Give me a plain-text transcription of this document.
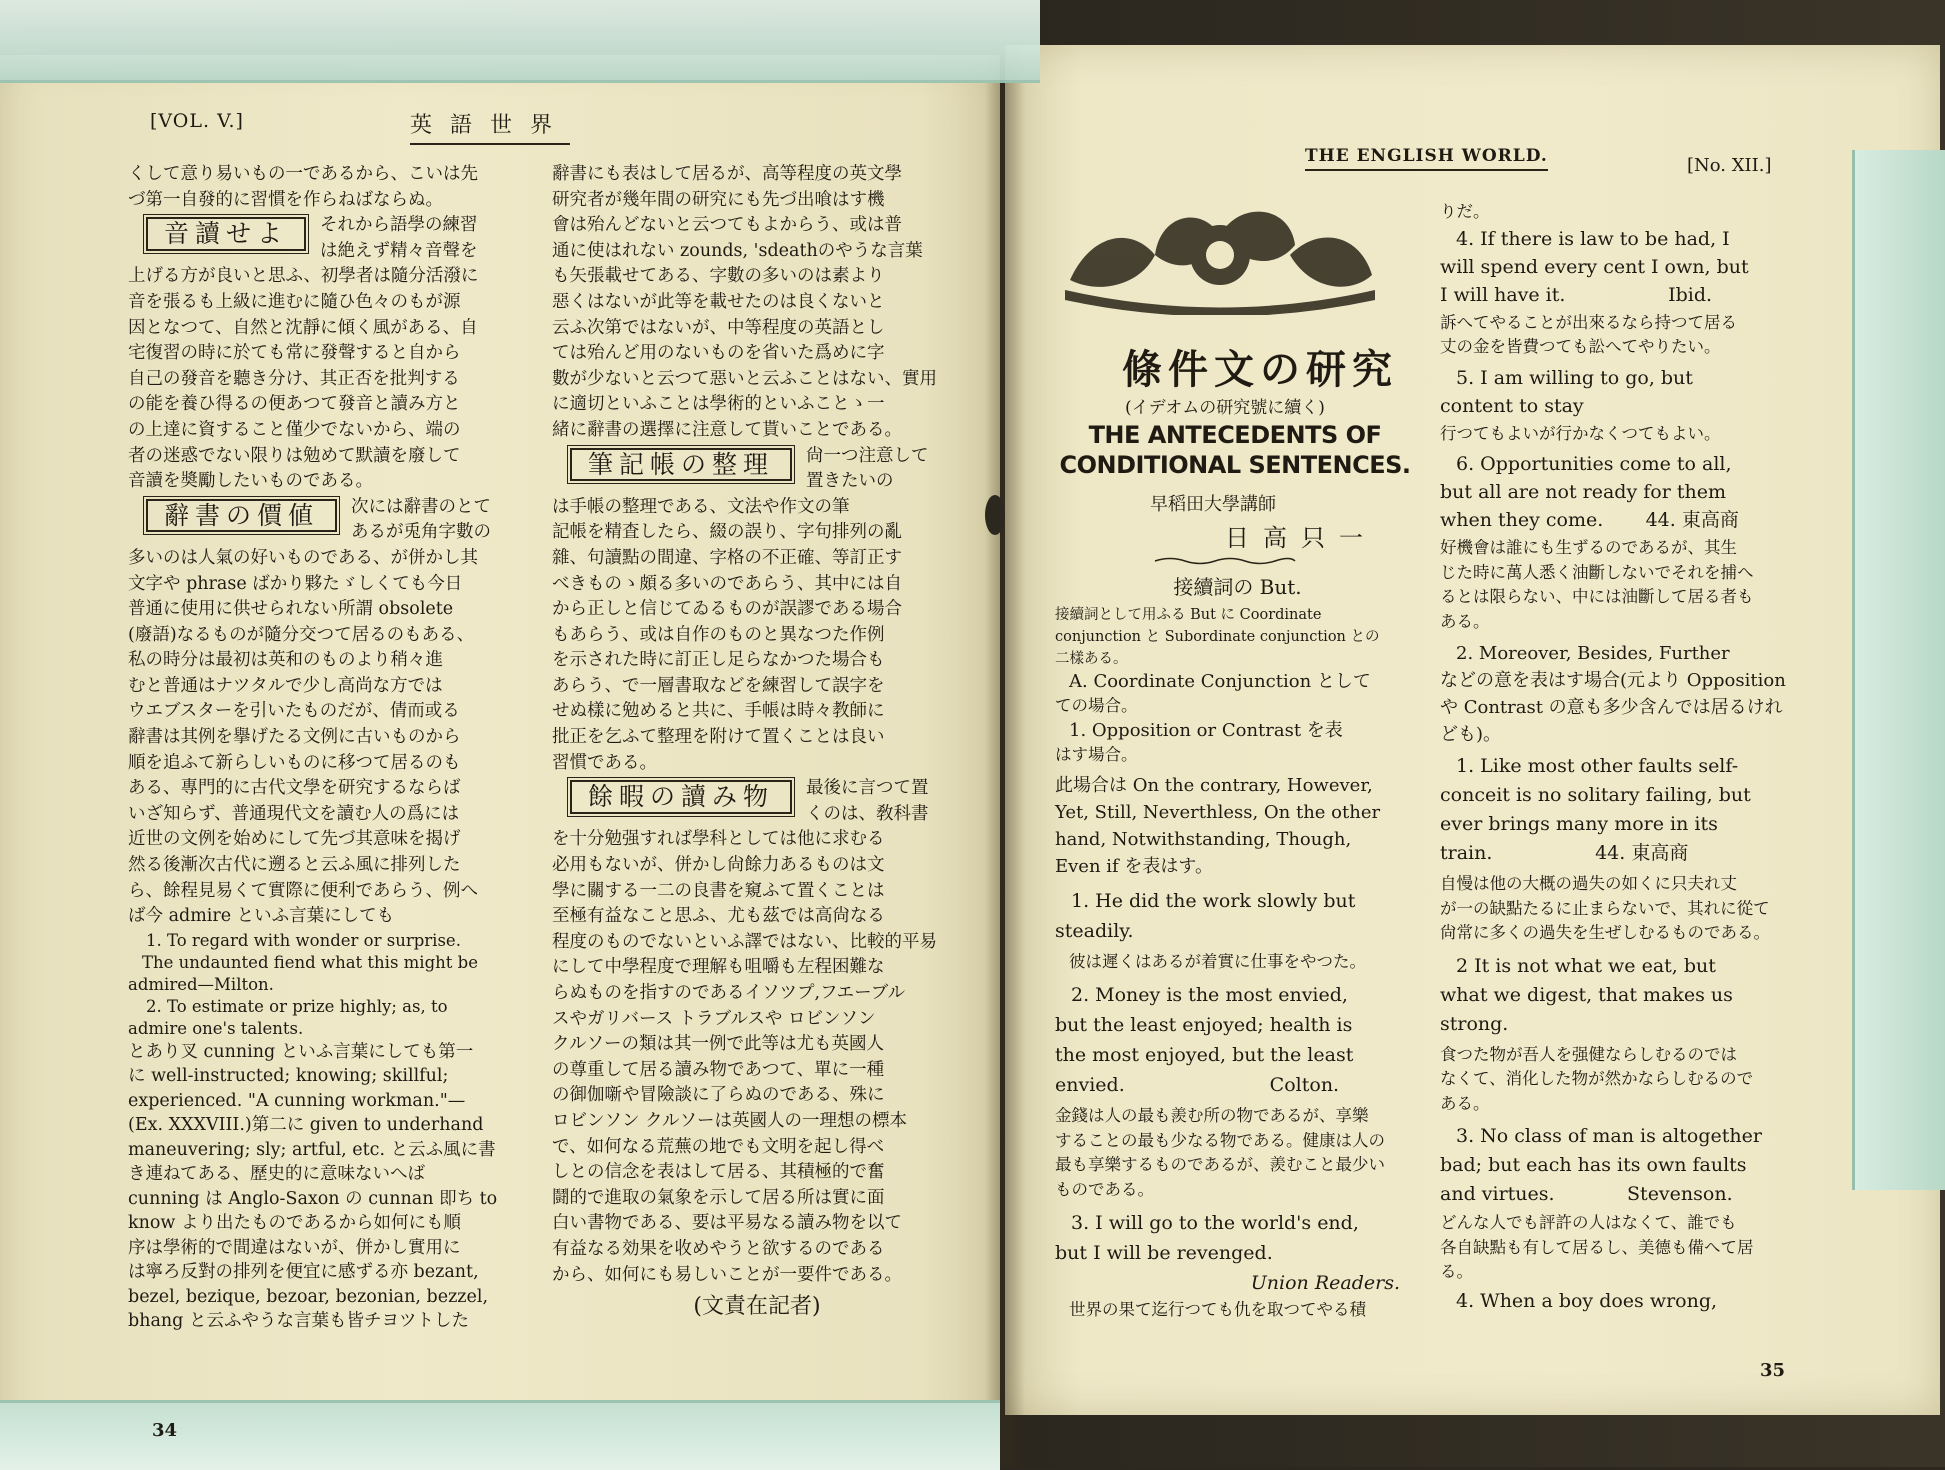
[VOL. V.]	英語世界

くして意り易いもの一であるから、こいは先

づ第一自發的に習慣を作らねばならぬ。

音讀せよ	それから語學の練習

は絶えず精々音聲を

上げる方が良いと思ふ、初學者は隨分活潑に

音を張るも上級に進むに隨ひ色々のもが源

因となつて、自然と沈靜に傾く風がある、自

宅復習の時に於ても常に發聲すると自から

自己の發音を聽き分け、其正否を批判する

の能を養ひ得るの便あつて發音と讀み方と

の上達に資すること僅少でないから、端の

者の迷惑でない限りは勉めて默讀を廢して

音讀を奬勵したいものである。

辭書の價値	次には辭書のとて

あるが兎角字數の

多いのは人氣の好いものである、が併かし其

文字や phrase ばかり夥たゞしくても今日

普通に使用に供せられない所謂 obsolete

(廢語)なるものが隨分交つて居るのもある、

私の時分は最初は英和のものより稍々進

むと普通はナツタルで少し高尚な方では

ウエブスターを引いたものだが、倩而或る

辭書は其例を擧げたる文例に古いものから

順を追ふて新らしいものに移つて居るのも

ある、專門的に古代文學を研究するならば

いざ知らず、普通現代文を讀む人の爲には

近世の文例を始めにして先づ其意味を揭げ

然る後漸次古代に遡ると云ふ風に排列した

ら、餘程見易くて實際に便利であらう、例へ

ば今 admire といふ言葉にしても

1. To regard with wonder or surprise.

The undaunted fiend what this might be

admired—Milton.

2. To estimate or prize highly; as, to

admire one's talents.

とあり叉 cunning といふ言葉にしても第一

に well-instructed; knowing; skillful;

experienced. "A cunning workman."—

(Ex. XXXVIII.)第二に given to underhand

maneuvering; sly; artful, etc. と云ふ風に書

き連ねてある、歷史的に意味ないへば

cunning は Anglo-Saxon の cunnan 即ち to

know より出たものであるから如何にも順

序は學術的で間違はないが、併かし實用に

は寧ろ反對の排列を便宜に感ずる亦 bezant,

bezel, bezique, bezoar, bezonian, bezzel,

bhang と云ふやうな言葉も皆チヨツトした

辭書にも表はして居るが、高等程度の英文學

研究者が幾年間の研究にも先づ出喰はす機

會は殆んどないと云つてもよからう、或は普

通に使はれない zounds, 'sdeathのやうな言葉

も矢張載せてある、字數の多いのは素より

惡くはないが此等を載せたのは良くないと

云ふ次第ではないが、中等程度の英語とし

ては殆んど用のないものを省いた爲めに字

數が少ないと云つて惡いと云ふことはない、實用

に適切といふことは學術的といふことゝ一

緒に辭書の選擇に注意して貰いことである。

筆記帳の整理	尙一つ注意して

置きたいの

は手帳の整理である、文法や作文の筆

記帳を精査したら、綴の誤り、字句排列の亂

雜、句讀點の間違、字格の不正確、等訂正す

べきものゝ頗る多いのであらう、其中には自

から正しと信じてゐるものが誤謬である場合

もあらう、或は自作のものと異なつた作例

を示された時に訂正し足らなかつた場合も

あらう、で一層書取などを練習して誤字を

せぬ樣に勉めると共に、手帳は時々教師に

批正を乞ふて整理を附けて置くことは良い

習慣である。

餘暇の讀み物	最後に言つて置

くのは、敎科書

を十分勉强すれば學科としては他に求むる

必用もないが、併かし尙餘力あるものは文

學に關する一二の良書を窺ふて置くことは

至極有益なこと思ふ、尤も茲では高尙なる

程度のものでないといふ譯ではない、比較的平易

にして中學程度で理解も咀嚼も左程困難な

らぬものを指すのであるイソツプ,フエーブル

スやガリバース トラブルスや ロビンソン

クルソーの類は其一例で此等は尤も英國人

の尊重して居る讀み物であつて、單に一種

の御伽噺や冒險談に了らぬのである、殊に

ロビンソン クルソーは英國人の一理想の標本

で、如何なる荒蕪の地でも文明を起し得べ

しとの信念を表はして居る、其積極的で奮

鬪的で進取の氣象を示して居る所は實に面

白い書物である、要は平易なる讀み物を以て

有益なる効果を收めやうと欲するのである

から、如何にも易しいことが一要件である。

(文責在記者)

34
THE ENGLISH WORLD.	[No. XII.]
條件文の研究
(イデオムの研究號に續く)
THE ANTECEDENTS OF CONDITIONAL SENTENCES.
早稻田大學講師
日高只一

接續詞の But.

接續詞として用ふる But に Coordinate

conjunction と Subordinate conjunction との

二樣ある。

A. Coordinate Conjunction として

ての場合。

1. Opposition or Contrast を表

はす場合。

此場合は On the contrary, However,

Yet, Still, Neverthless, On the other

hand, Notwithstanding, Though,

Even if を表はす。

1. He did the work slowly but

steadily.

彼は遲くはあるが着實に仕事をやつた。

2. Money is the most envied,

but the least enjoyed; health is

the most enjoyed, but the least

envied.                        Colton.

金錢は人の最も羨む所の物であるが、享樂

することの最も少なる物である。健康は人の

最も享樂するものであるが、羨むこと最少い

ものである。

3. I will go to the world's end,

but I will be revenged.

Union Readers.

世界の果て迄行つても仇を取つてやる積

りだ。

4. If there is law to be had, I

will spend every cent I own, but

I will have it.                 Ibid.

訴へてやることが出來るなら持つて居る

丈の金を皆費つても訟へてやりたい。

5. I am willing to go, but

content to stay

行つてもよいが行かなくつてもよい。

6. Opportunities come to all,

but all are not ready for them

when they come.       44. 東高商

好機會は誰にも生ずるのであるが、其生

じた時に萬人悉く油斷しないでそれを捕へ

るとは限らない、中には油斷して居る者も

ある。

2. Moreover, Besides, Further

などの意を表はす場合(元より Opposition

や Contrast の意も多少含んでは居るけれ

ども)。

1. Like most other faults self-

conceit is no solitary failing, but

ever brings many more in its

train.                 44. 東高商

自慢は他の大概の過失の如くに只夫れ丈

が一の缺點たるに止まらないで、其れに從て

尙常に多くの過失を生ぜしむるものである。

2 It is not what we eat, but

what we digest, that makes us

strong.

食つた物が吾人を强健ならしむるのでは

なくて、消化した物が然かならしむるので

ある。

3. No class of man is altogether

bad; but each has its own faults

and virtues.            Stevenson.

どんな人でも評許の人はなくて、誰でも

各自缺點も有して居るし、美德も備へて居

る。

4. When a boy does wrong,

35
